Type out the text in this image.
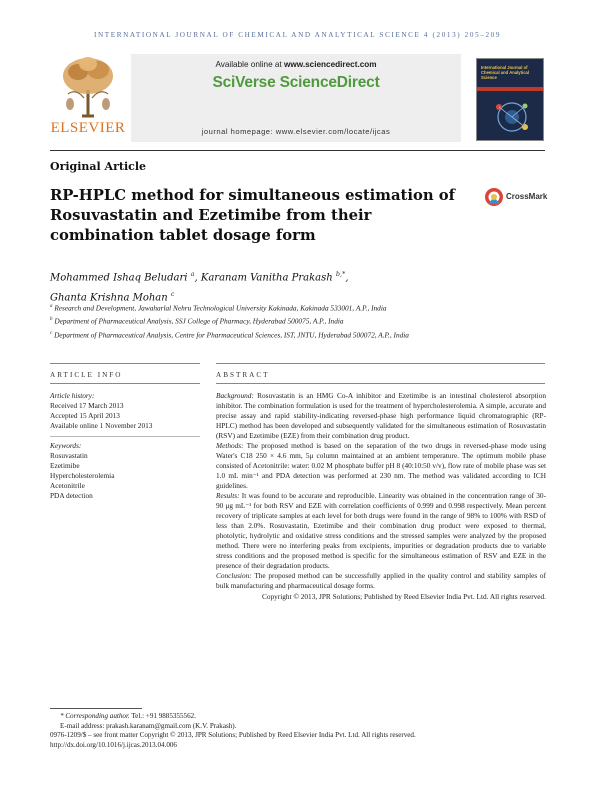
INTERNATIONAL JOURNAL OF CHEMICAL AND ANALYTICAL SCIENCE 4 (2013) 205–209
ELSEVIER
Available online at www.sciencedirect.com
SciVerse ScienceDirect
journal homepage: www.elsevier.com/locate/ijcas
International Journal of Chemical and Analytical Science
Original Article
RP-HPLC method for simultaneous estimation of
Rosuvastatin and Ezetimibe from their
combination tablet dosage form
CrossMark
Mohammed Ishaq Beludari $^a$, Karanam Vanitha Prakash $^{b,*}$,
Ghanta Krishna Mohan $^c$

$^a$ Research and Development, Jawaharlal Nehru Technological University Kakinada, Kakinada 533001, A.P., India

$^b$ Department of Pharmaceutical Analysis, SSJ College of Pharmacy, Hyderabad 500075, A.P., India

$^c$ Department of Pharmaceutical Analysis, Centre for Pharmaceutical Sciences, IST, JNTU, Hyderabad 500072, A.P., India

ARTICLE INFO	ABSTRACT
Article history:
Received 17 March 2013
Accepted 15 April 2013
Available online 1 November 2013
Keywords:
Rosuvastatin
Ezetimibe
Hypercholesterolemia
Acetonitrile
PDA detection

Background: Rosuvastatin is an HMG Co-A inhibitor and Ezetimibe is an intestinal cholesterol absorption inhibitor. The combination formulation is used for the treatment of hypercholesterolemia. A simple, accurate and precise assay and rapid stability-indicating reversed-phase high performance liquid chromatographic (RP-HPLC) method has been developed and subsequently validated for the simultaneous estimation of Rosuvastatin (RSV) and Ezetimibe (EZE) from their combination drug product.

Methods: The proposed method is based on the separation of the two drugs in reversed-phase mode using Water's C18 250 × 4.6 mm, 5μ column maintained at an ambient temperature. The optimum mobile phase consisted of Acetonitrile: water: 0.02 M phosphate buffer pH 8 (40:10:50 v/v), flow rate of mobile phase was set 1.0 mL min⁻¹ and PDA detection was performed at 230 nm. The method was validated according to ICH guidelines.

Results: It was found to be accurate and reproducible. Linearity was obtained in the concentration range of 30-90 μg mL⁻¹ for both RSV and EZE with correlation coefficients of 0.999 and 0.998 respectively. Mean percent recovery of triplicate samples at each level for both drugs were found in the range of 98% to 100% with RSD of less than 2.0%. Rosuvastatin, Ezetimibe and their combination drug product were exposed to thermal, photolytic, hydrolytic and oxidative stress conditions and the stressed samples were analyzed by the proposed method. There were no interfering peaks from excipients, impurities or degradation products due to variable stress conditions and the proposed method is specific for the simultaneous estimation of RSV and EZE in the presence of their degradation products.

Conclusion: The proposed method can be successfully applied in the quality control and stability samples of bulk manufacturing and pharmaceutical dosage forms.

Copyright © 2013, JPR Solutions; Published by Reed Elsevier India Pvt. Ltd. All rights reserved.

* Corresponding author. Tel.: +91 9885355562.
E-mail address: prakash.karanam@gmail.com (K.V. Prakash).
0976-1209/$ – see front matter Copyright © 2013, JPR Solutions; Published by Reed Elsevier India Pvt. Ltd. All rights reserved.
http://dx.doi.org/10.1016/j.ijcas.2013.04.006
